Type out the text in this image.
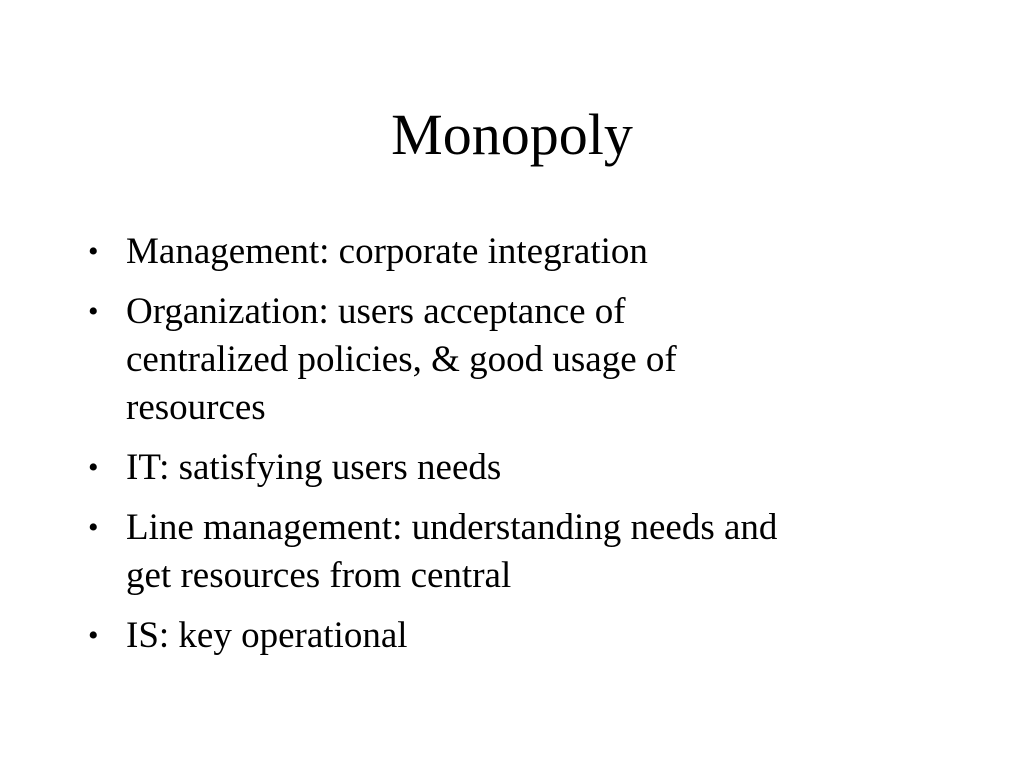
Monopoly
• Management: corporate integration
• Organization: users acceptance of
centralized policies, & good usage of
resources
• IT: satisfying users needs
• Line management: understanding needs and
get resources from central
• IS: key operational
